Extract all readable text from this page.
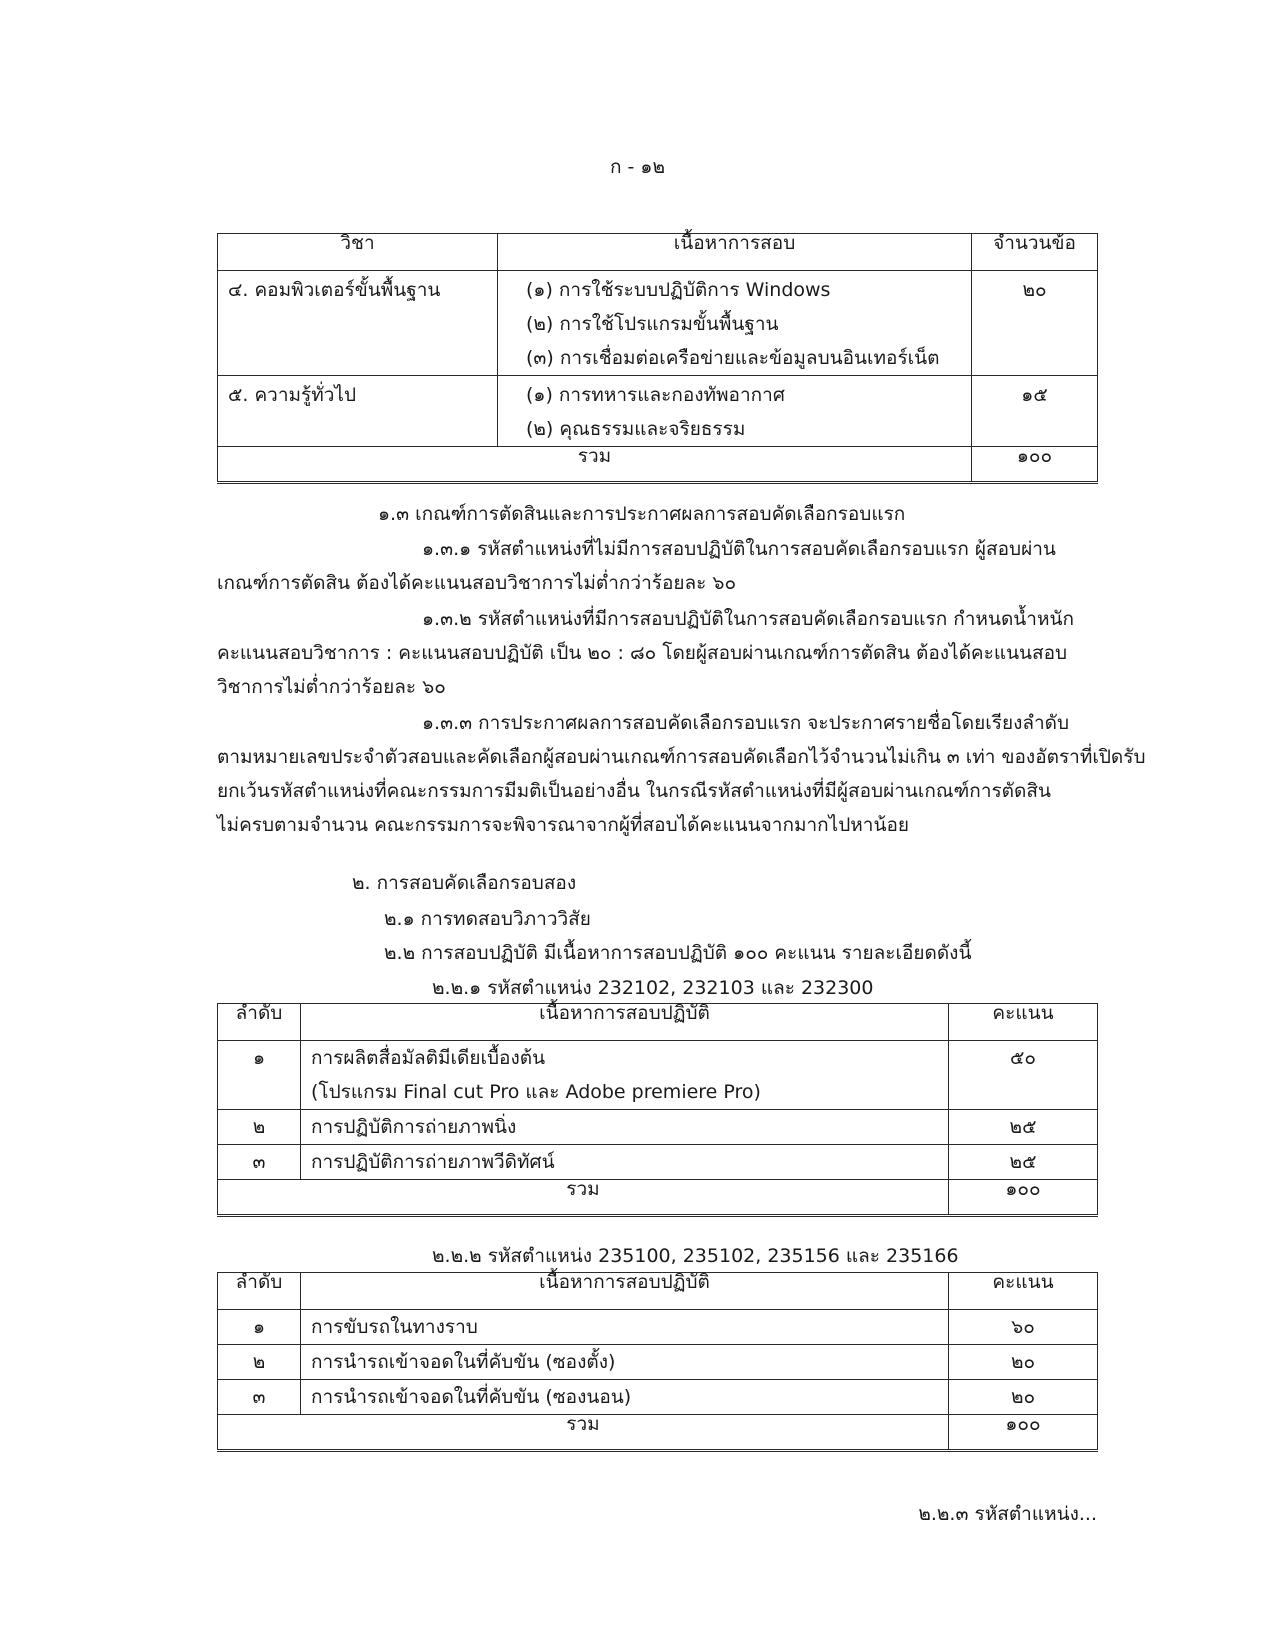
ก - ๑๒
วิชา	เนื้อหาการสอบ	จำนวนข้อ

๔. คอมพิวเตอร์ขั้นพื้นฐาน	(๑) การใช้ระบบปฏิบัติการ Windows
(๒) การใช้โปรแกรมขั้นพื้นฐาน
(๓) การเชื่อมต่อเครือข่ายและข้อมูลบนอินเทอร์เน็ต	๒๐

๕. ความรู้ทั่วไป	(๑) การทหารและกองทัพอากาศ
(๒) คุณธรรมและจริยธรรม	๑๕

รวม		๑๐๐
๑.๓ เกณฑ์การตัดสินและการประกาศผลการสอบคัดเลือกรอบแรก
๑.๓.๑ รหัสตำแหน่งที่ไม่มีการสอบปฏิบัติในการสอบคัดเลือกรอบแรก ผู้สอบผ่าน
เกณฑ์การตัดสิน ต้องได้คะแนนสอบวิชาการไม่ต่ำกว่าร้อยละ ๖๐
๑.๓.๒ รหัสตำแหน่งที่มีการสอบปฏิบัติในการสอบคัดเลือกรอบแรก กำหนดน้ำหนัก
คะแนนสอบวิชาการ : คะแนนสอบปฏิบัติ เป็น ๒๐ : ๘๐ โดยผู้สอบผ่านเกณฑ์การตัดสิน ต้องได้คะแนนสอบ
วิชาการไม่ต่ำกว่าร้อยละ ๖๐
๑.๓.๓ การประกาศผลการสอบคัดเลือกรอบแรก จะประกาศรายชื่อโดยเรียงลำดับ
ตามหมายเลขประจำตัวสอบและคัดเลือกผู้สอบผ่านเกณฑ์การสอบคัดเลือกไว้จำนวนไม่เกิน ๓ เท่า ของอัตราที่เปิดรับ
ยกเว้นรหัสตำแหน่งที่คณะกรรมการมีมติเป็นอย่างอื่น ในกรณีรหัสตำแหน่งที่มีผู้สอบผ่านเกณฑ์การตัดสิน
ไม่ครบตามจำนวน คณะกรรมการจะพิจารณาจากผู้ที่สอบได้คะแนนจากมากไปหาน้อย
๒. การสอบคัดเลือกรอบสอง
๒.๑ การทดสอบวิภาววิสัย
๒.๒ การสอบปฏิบัติ มีเนื้อหาการสอบปฏิบัติ ๑๐๐ คะแนน รายละเอียดดังนี้
๒.๒.๑ รหัสตำแหน่ง 232102, 232103 และ 232300
ลำดับ	เนื้อหาการสอบปฏิบัติ	คะแนน

๑	การผลิตสื่อมัลติมีเดียเบื้องต้น
(โปรแกรม Final cut Pro และ Adobe premiere Pro)	๕๐

๒	การปฏิบัติการถ่ายภาพนิ่ง	๒๕

๓	การปฏิบัติการถ่ายภาพวีดิทัศน์	๒๕

รวม		๑๐๐
๒.๒.๒ รหัสตำแหน่ง 235100, 235102, 235156 และ 235166
ลำดับ	เนื้อหาการสอบปฏิบัติ	คะแนน

๑	การขับรถในทางราบ	๖๐

๒	การนำรถเข้าจอดในที่คับขัน (ซองตั้ง)	๒๐

๓	การนำรถเข้าจอดในที่คับขัน (ซองนอน)	๒๐

รวม		๑๐๐
๒.๒.๓ รหัสตำแหน่ง...
